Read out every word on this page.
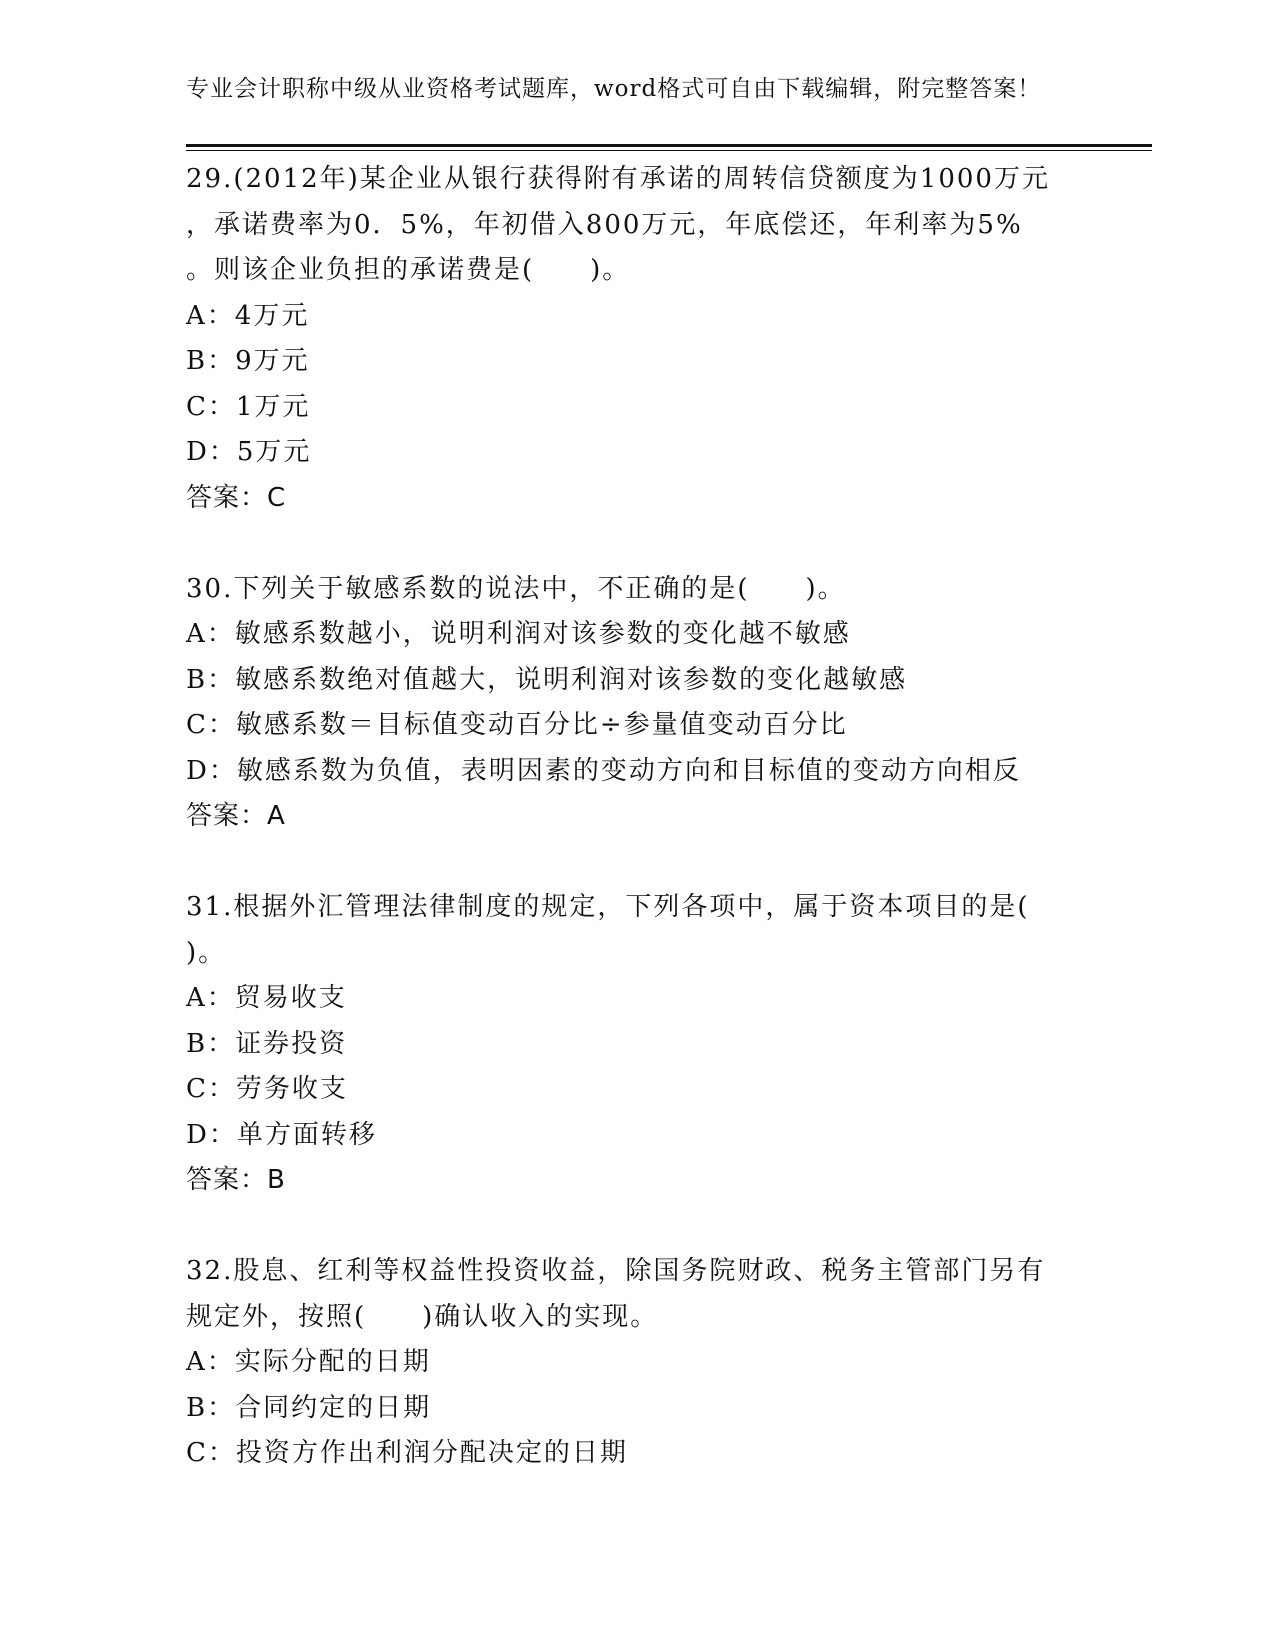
专业会计职称中级从业资格考试题库，word格式可自由下载编辑，附完整答案！
29.(2012年)某企业从银行获得附有承诺的周转信贷额度为1000万元
，承诺费率为0．5%，年初借入800万元，年底偿还，年利率为5%
。则该企业负担的承诺费是(　　)。
A：4万元
B：9万元
C：1万元
D：5万元
答案：C
30.下列关于敏感系数的说法中，不正确的是(　　)。
A：敏感系数越小，说明利润对该参数的变化越不敏感
B：敏感系数绝对值越大，说明利润对该参数的变化越敏感
C：敏感系数＝目标值变动百分比÷参量值变动百分比
D：敏感系数为负值，表明因素的变动方向和目标值的变动方向相反
答案：A
31.根据外汇管理法律制度的规定，下列各项中，属于资本项目的是(
)。
A：贸易收支
B：证券投资
C：劳务收支
D：单方面转移
答案：B
32.股息、红利等权益性投资收益，除国务院财政、税务主管部门另有
规定外，按照(　　)确认收入的实现。
A：实际分配的日期
B：合同约定的日期
C：投资方作出利润分配决定的日期
